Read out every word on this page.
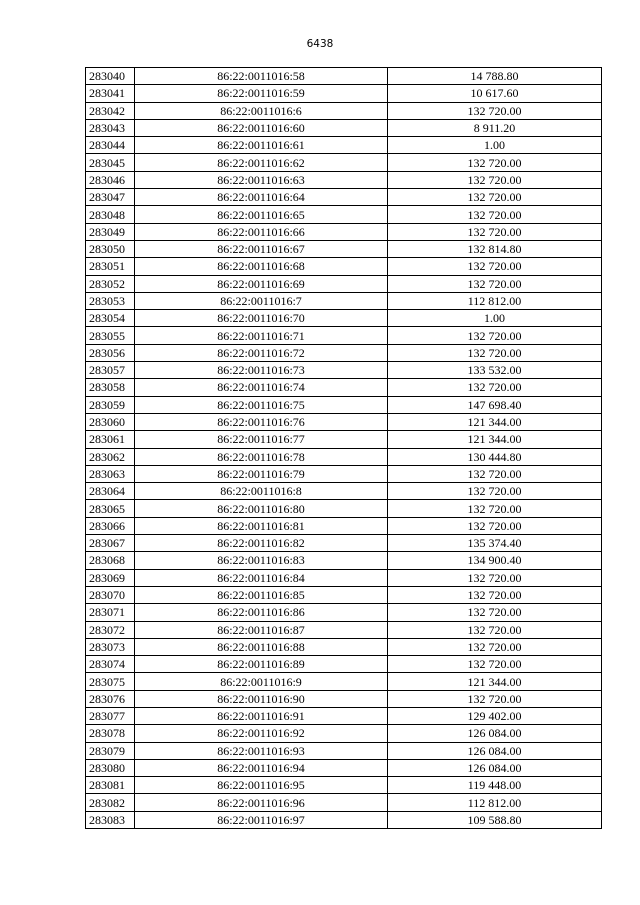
6438
283040	86:22:0011016:58	14 788.80
283041	86:22:0011016:59	10 617.60
283042	86:22:0011016:6	132 720.00
283043	86:22:0011016:60	8 911.20
283044	86:22:0011016:61	1.00
283045	86:22:0011016:62	132 720.00
283046	86:22:0011016:63	132 720.00
283047	86:22:0011016:64	132 720.00
283048	86:22:0011016:65	132 720.00
283049	86:22:0011016:66	132 720.00
283050	86:22:0011016:67	132 814.80
283051	86:22:0011016:68	132 720.00
283052	86:22:0011016:69	132 720.00
283053	86:22:0011016:7	112 812.00
283054	86:22:0011016:70	1.00
283055	86:22:0011016:71	132 720.00
283056	86:22:0011016:72	132 720.00
283057	86:22:0011016:73	133 532.00
283058	86:22:0011016:74	132 720.00
283059	86:22:0011016:75	147 698.40
283060	86:22:0011016:76	121 344.00
283061	86:22:0011016:77	121 344.00
283062	86:22:0011016:78	130 444.80
283063	86:22:0011016:79	132 720.00
283064	86:22:0011016:8	132 720.00
283065	86:22:0011016:80	132 720.00
283066	86:22:0011016:81	132 720.00
283067	86:22:0011016:82	135 374.40
283068	86:22:0011016:83	134 900.40
283069	86:22:0011016:84	132 720.00
283070	86:22:0011016:85	132 720.00
283071	86:22:0011016:86	132 720.00
283072	86:22:0011016:87	132 720.00
283073	86:22:0011016:88	132 720.00
283074	86:22:0011016:89	132 720.00
283075	86:22:0011016:9	121 344.00
283076	86:22:0011016:90	132 720.00
283077	86:22:0011016:91	129 402.00
283078	86:22:0011016:92	126 084.00
283079	86:22:0011016:93	126 084.00
283080	86:22:0011016:94	126 084.00
283081	86:22:0011016:95	119 448.00
283082	86:22:0011016:96	112 812.00
283083	86:22:0011016:97	109 588.80
